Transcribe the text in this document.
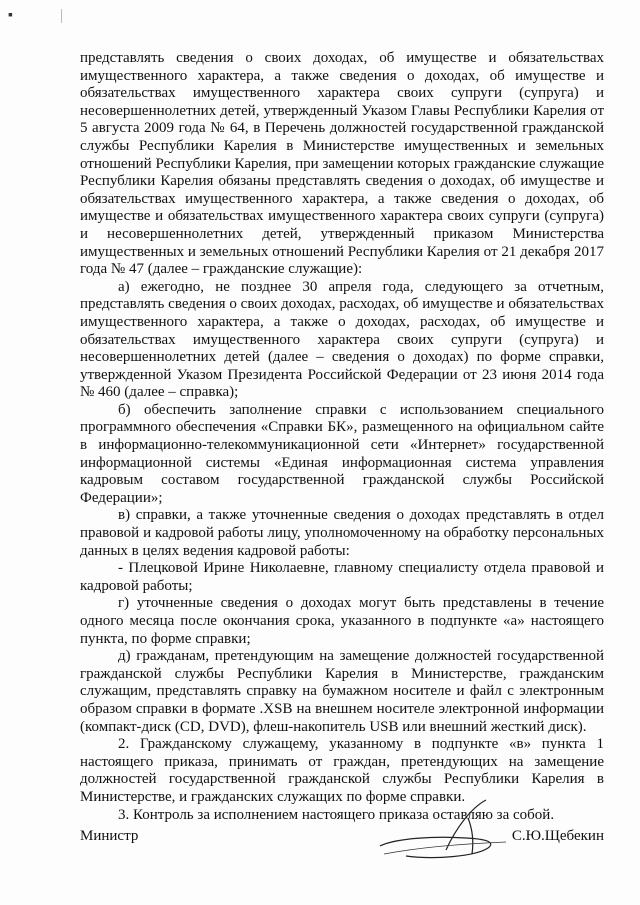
▪

представлять сведения о своих доходах, об имуществе и обязательствах имущественного характера, а также сведения о доходах, об имуществе и обязательствах имущественного характера своих супруги (супруга) и несовершеннолетних детей, утвержденный Указом Главы Республики Карелия от 5 августа 2009 года № 64, в Перечень должностей государственной гражданской службы Республики Карелия в Министерстве имущественных и земельных отношений Республики Карелия, при замещении которых гражданские служащие Республики Карелия обязаны представлять сведения о доходах, об имуществе и обязательствах имущественного характера, а также сведения о доходах, об имуществе и обязательствах имущественного характера своих супруги (супруга) и несовершеннолетних детей, утвержденный приказом Министерства имущественных и земельных отношений Республики Карелия от 21 декабря 2017 года № 47 (далее – гражданские служащие):

а) ежегодно, не позднее 30 апреля года, следующего за отчетным, представлять сведения о своих доходах, расходах, об имуществе и обязательствах имущественного характера, а также о доходах, расходах, об имуществе и обязательствах имущественного характера своих супруги (супруга) и несовершеннолетних детей (далее – сведения о доходах) по форме справки, утвержденной Указом Президента Российской Федерации от 23 июня 2014 года № 460 (далее – справка);

б) обеспечить заполнение справки с использованием специального программного обеспечения «Справки БК», размещенного на официальном сайте в информационно-телекоммуникационной сети «Интернет» государственной информационной системы «Единая информационная система управления кадровым составом государственной гражданской службы Российской Федерации»;

в) справки, а также уточненные сведения о доходах представлять в отдел правовой и кадровой работы лицу, уполномоченному на обработку персональных данных в целях ведения кадровой работы:

- Плецковой Ирине Николаевне, главному специалисту отдела правовой и кадровой работы;

г) уточненные сведения о доходах могут быть представлены в течение одного месяца после окончания срока, указанного в подпункте «а» настоящего пункта, по форме справки;

д) гражданам, претендующим на замещение должностей государственной гражданской службы Республики Карелия в Министерстве, гражданским служащим, представлять справку на бумажном носителе и файл с электронным образом справки в формате .XSB на внешнем носителе электронной информации (компакт-диск (CD, DVD), флеш-накопитель USB или внешний жесткий диск).

2. Гражданскому служащему, указанному в подпункте «в» пункта 1 настоящего приказа, принимать от граждан, претендующих на замещение должностей государственной гражданской службы Республики Карелия в Министерстве, и гражданских служащих по форме справки.

3. Контроль за исполнением настоящего приказа оставляю за собой.

Министр	С.Ю.Щебекин
